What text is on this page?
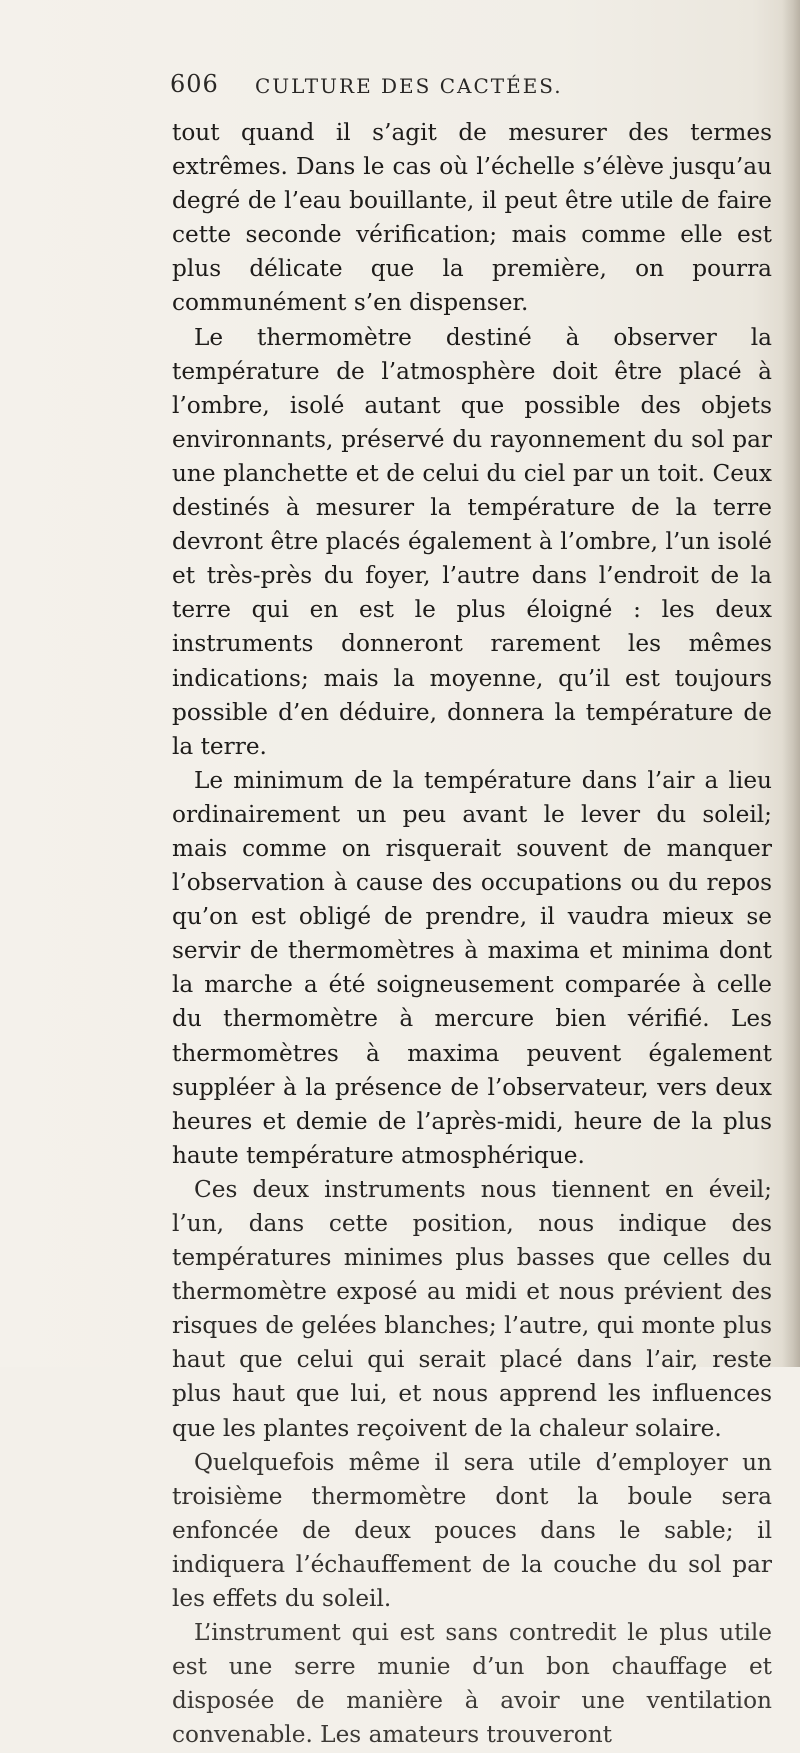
606 CULTURE DES CACTÉES.

tout quand il s’agit de mesurer des termes extrêmes. Dans le cas où l’échelle s’élève jusqu’au degré de l’eau bouillante, il peut être utile de faire cette seconde vérification; mais comme elle est plus délicate que la première, on pourra communément s’en dispenser.

Le thermomètre destiné à observer la température de l’atmosphère doit être placé à l’ombre, isolé autant que possible des objets environnants, préservé du rayonnement du sol par une planchette et de celui du ciel par un toit. Ceux destinés à mesurer la température de la terre devront être placés également à l’ombre, l’un isolé et très-près du foyer, l’autre dans l’endroit de la terre qui en est le plus éloigné : les deux instruments donneront rarement les mêmes indications; mais la moyenne, qu’il est toujours possible d’en déduire, donnera la température de la terre.

Le minimum de la température dans l’air a lieu ordinairement un peu avant le lever du soleil; mais comme on risquerait souvent de manquer l’observation à cause des occupations ou du repos qu’on est obligé de prendre, il vaudra mieux se servir de thermomètres à maxima et minima dont la marche a été soigneusement comparée à celle du thermomètre à mercure bien vérifié. Les thermomètres à maxima peuvent également suppléer à la présence de l’observateur, vers deux heures et demie de l’après-midi, heure de la plus haute température atmosphérique.

Ces deux instruments nous tiennent en éveil; l’un, dans cette position, nous indique des températures minimes plus basses que celles du thermomètre exposé au midi et nous prévient des risques de gelées blanches; l’autre, qui monte plus haut que celui qui serait placé dans l’air, reste plus haut que lui, et nous apprend les influences que les plantes reçoivent de la chaleur solaire.

Quelquefois même il sera utile d’employer un troisième thermomètre dont la boule sera enfoncée de deux pouces dans le sable; il indiquera l’échauffement de la couche du sol par les effets du soleil.

L’instrument qui est sans contredit le plus utile est une serre munie d’un bon chauffage et disposée de manière à avoir une ventilation convenable. Les amateurs trouveront
